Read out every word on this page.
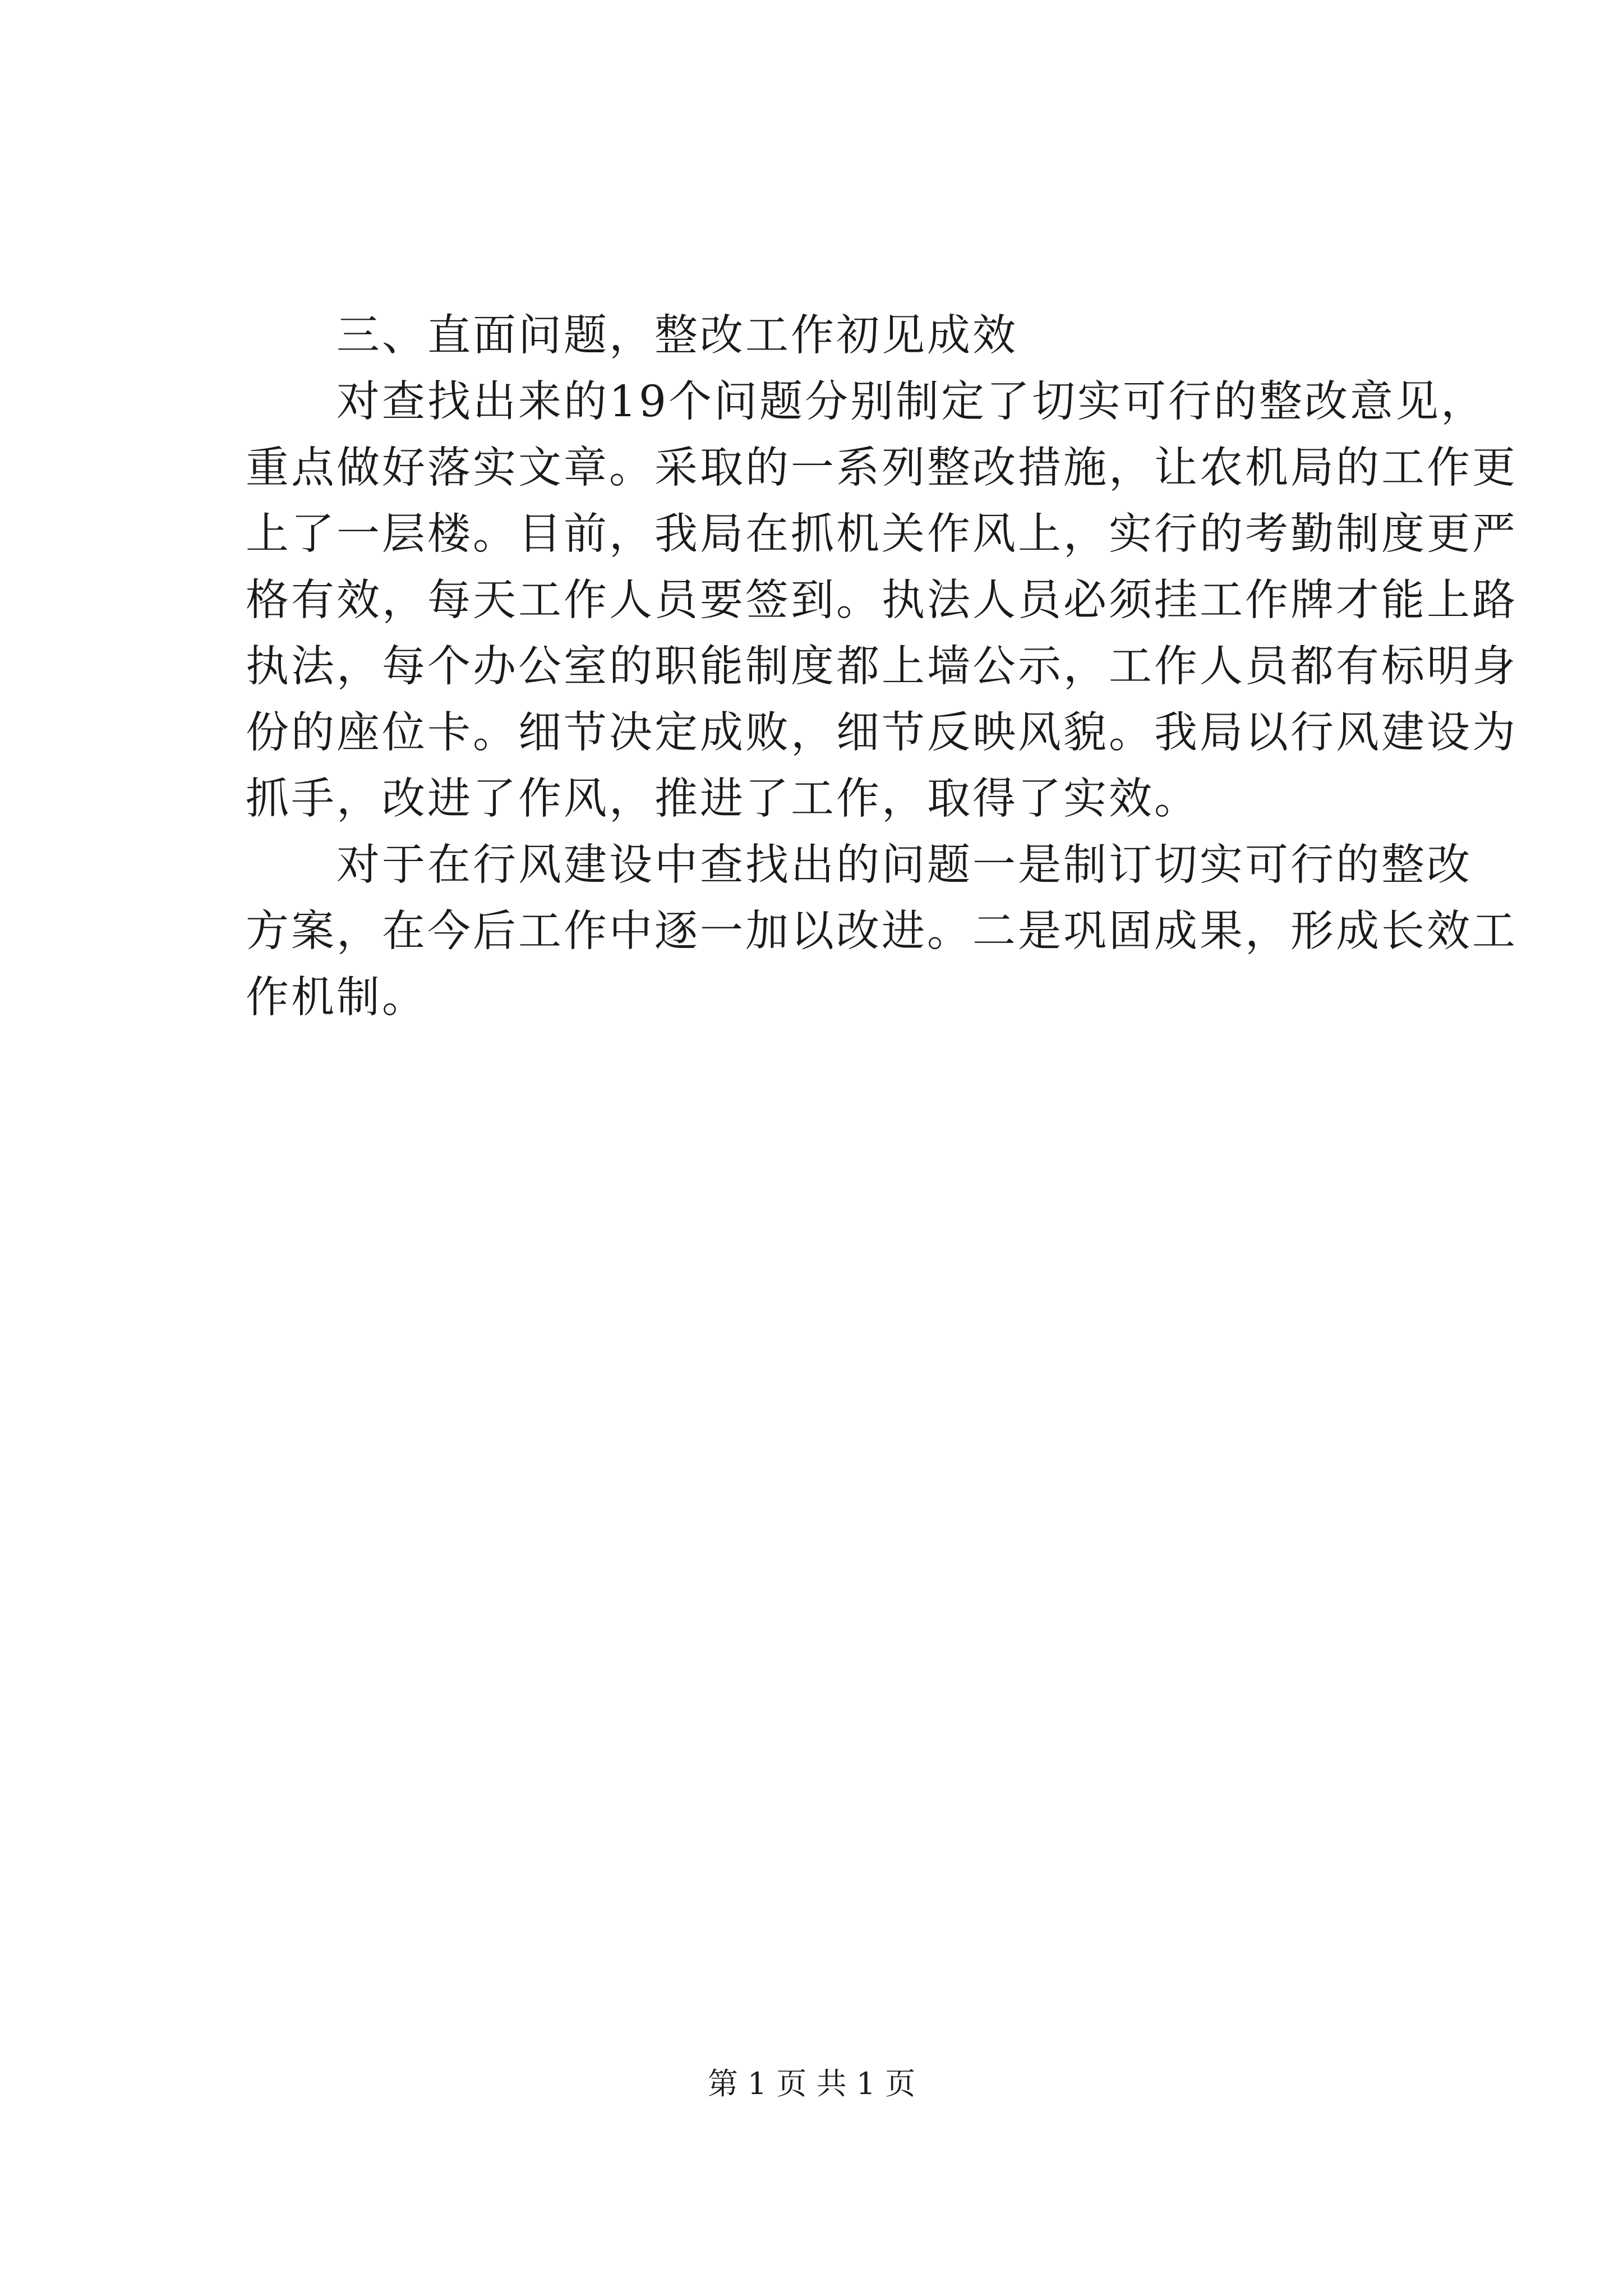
三、直面问题，整改工作初见成效
对查找出来的19个问题分别制定了切实可行的整改意见，
重点做好落实文章。采取的一系列整改措施，让农机局的工作更
上了一层楼。目前，我局在抓机关作风上，实行的考勤制度更严
格有效，每天工作人员要签到。执法人员必须挂工作牌才能上路
执法，每个办公室的职能制度都上墙公示，工作人员都有标明身
份的座位卡。细节决定成败，细节反映风貌。我局以行风建设为
抓手，改进了作风，推进了工作，取得了实效。
对于在行风建设中查找出的问题一是制订切实可行的整改
方案，在今后工作中逐一加以改进。二是巩固成果，形成长效工
作机制。
第 1 页 共 1 页
